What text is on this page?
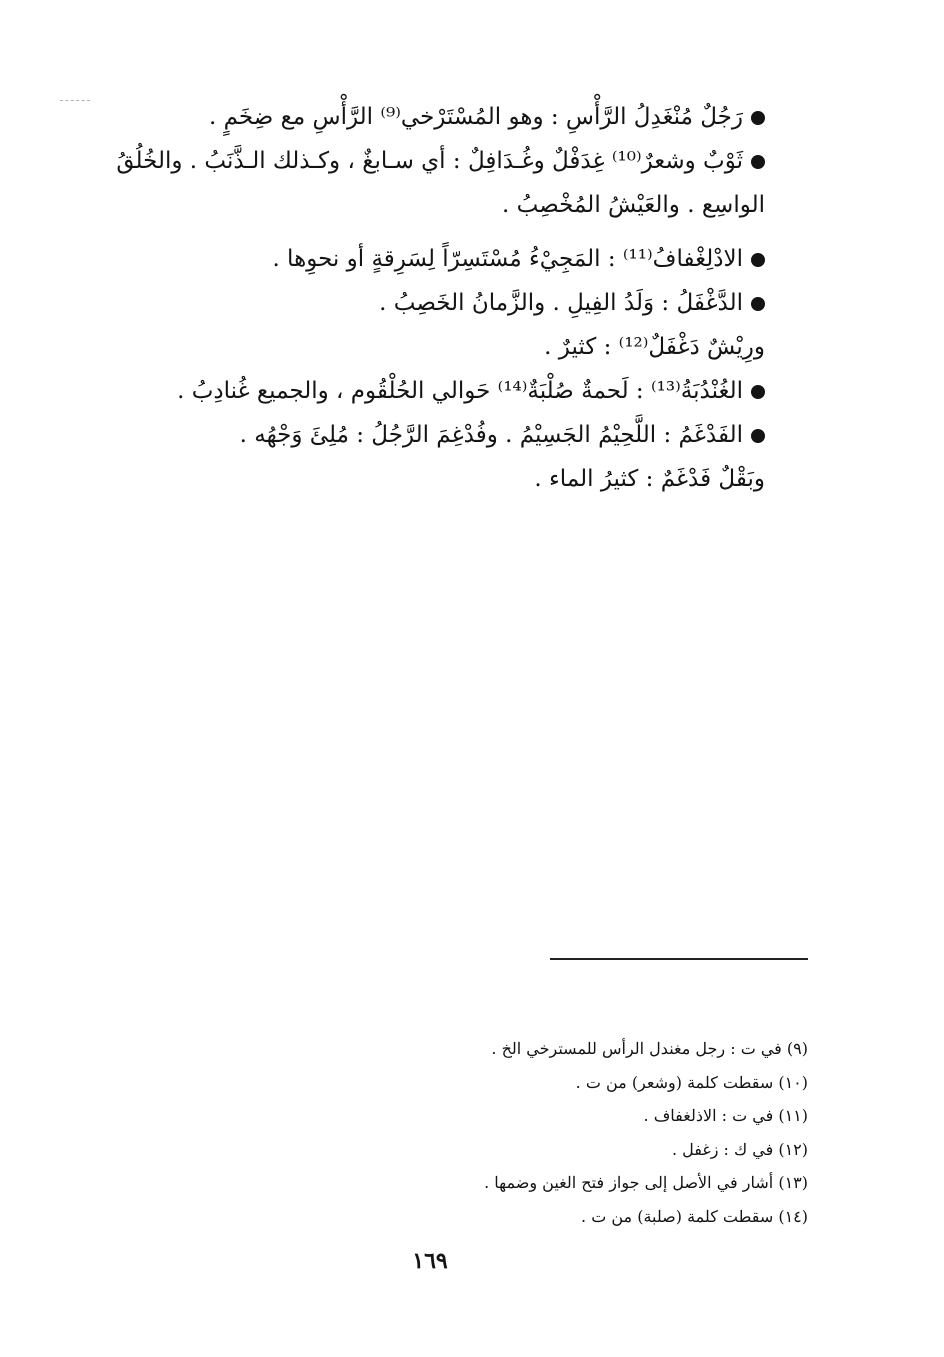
رَجُلٌ مُنْغَدِلُ الرَّأْسِ : وهو المُسْتَرْخي⁽⁹⁾ الرَّأْسِ مع ضِخَمٍ .

ثَوْبٌ وشعرٌ⁽¹⁰⁾ غِدَفْلٌ وغُـدَافِلٌ : أي سـابغٌ ، وكـذلك الـذَّنَبُ . والخُلُقُ الواسِع . والعَيْشُ المُخْصِبُ .

الادْلِغْفافُ⁽¹¹⁾ : المَجِيْءُ مُسْتَسِرّاً لِسَرِقةٍ أو نحوِها .

الدَّغْفَلُ : وَلَدُ الفِيلِ . والزَّمانُ الخَصِبُ .

ورِيْشٌ دَغْفَلٌ⁽¹²⁾ : كثيرٌ .

الغُنْدُبَةُ⁽¹³⁾ : لَحمةٌ صُلْبَةٌ⁽¹⁴⁾ حَوالي الحُلْقُوم ، والجميع غُنادِبُ .

الفَدْغَمُ : اللَّحِيْمُ الجَسِيْمُ . وفُدْغِمَ الرَّجُلُ : مُلِئَ وَجْهُه .

وبَقْلٌ فَدْغَمٌ : كثيرُ الماء .

(٩) في ت : رجل مغندل الرأس للمسترخي الخ .

(١٠) سقطت كلمة (وشعر) من ت .

(١١) في ت : الاذلغفاف .

(١٢) في ك : زغفل .

(١٣) أشار في الأصل إلى جواز فتح الغين وضمها .

(١٤) سقطت كلمة (صلبة) من ت .

١٦٩
